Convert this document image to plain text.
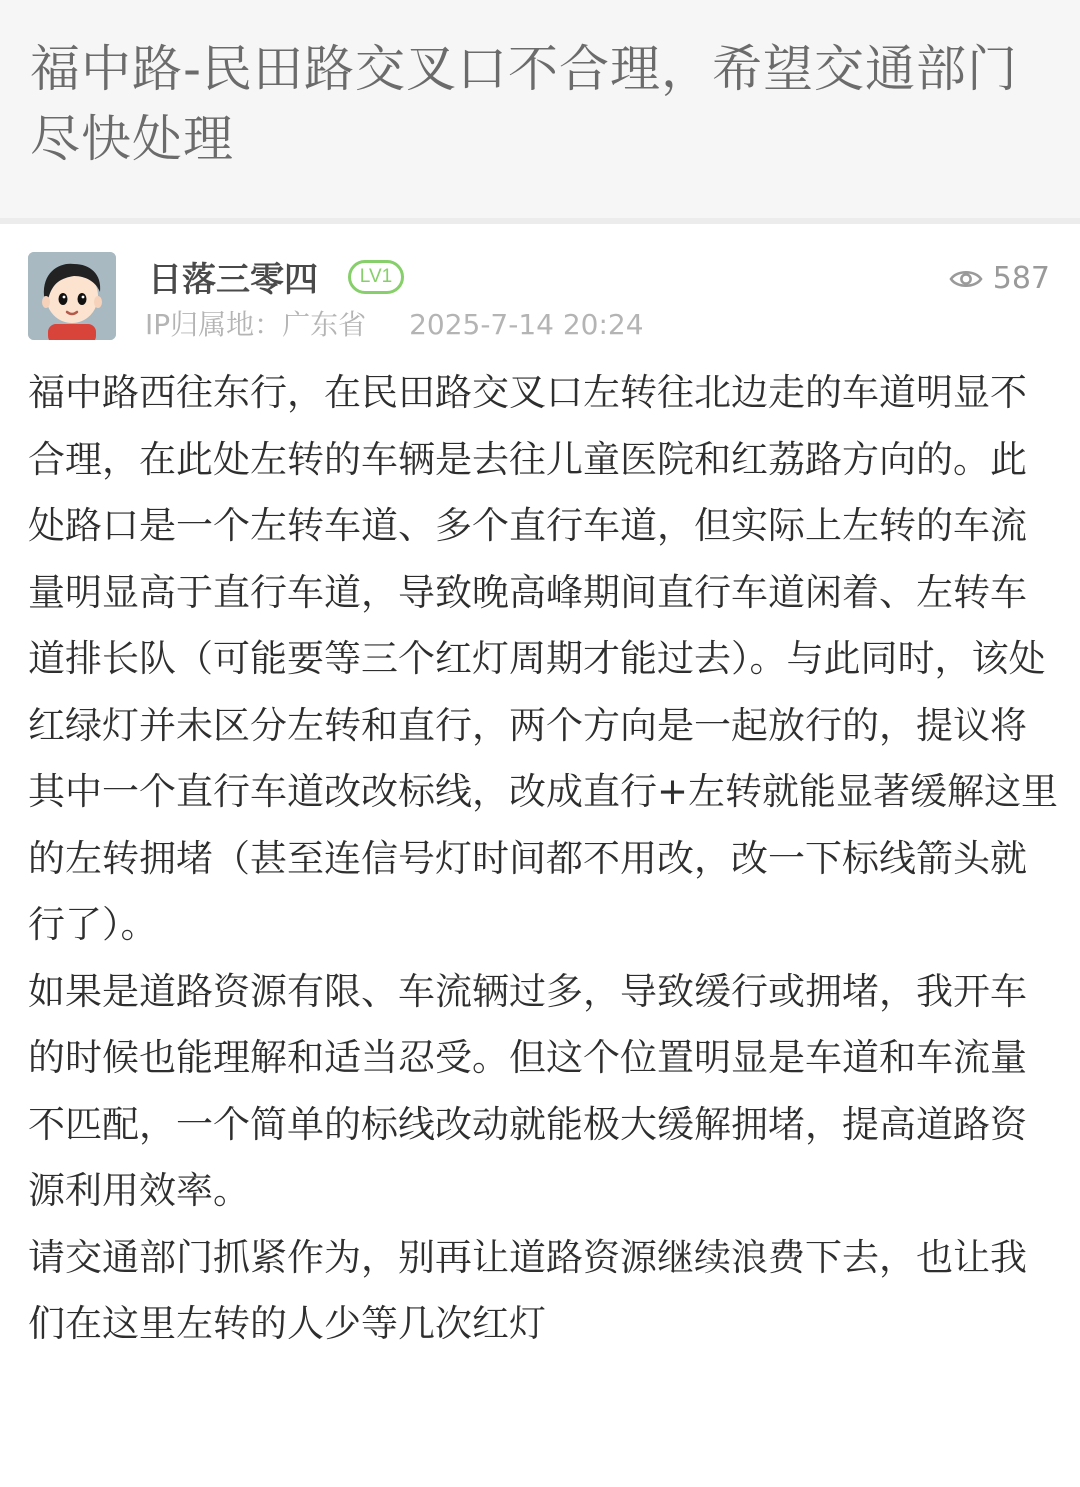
福中路-民田路交叉口不合理，希望交通部门尽快处理
日落三零四	LV1
IP归属地：广东省 2025-7-14 20:24
587

福中路西往东行，在民田路交叉口左转往北边走的车道明显不合理，在此处左转的车辆是去往儿童医院和红荔路方向的。此处路口是一个左转车道、多个直行车道，但实际上左转的车流量明显高于直行车道，导致晚高峰期间直行车道闲着、左转车道排长队（可能要等三个红灯周期才能过去）。与此同时，该处红绿灯并未区分左转和直行，两个方向是一起放行的，提议将其中一个直行车道改改标线，改成直行+左转就能显著缓解这里的左转拥堵（甚至连信号灯时间都不用改，改一下标线箭头就行了）。

如果是道路资源有限、车流辆过多，导致缓行或拥堵，我开车的时候也能理解和适当忍受。但这个位置明显是车道和车流量不匹配，一个简单的标线改动就能极大缓解拥堵，提高道路资源利用效率。

请交通部门抓紧作为，别再让道路资源继续浪费下去，也让我们在这里左转的人少等几次红灯
